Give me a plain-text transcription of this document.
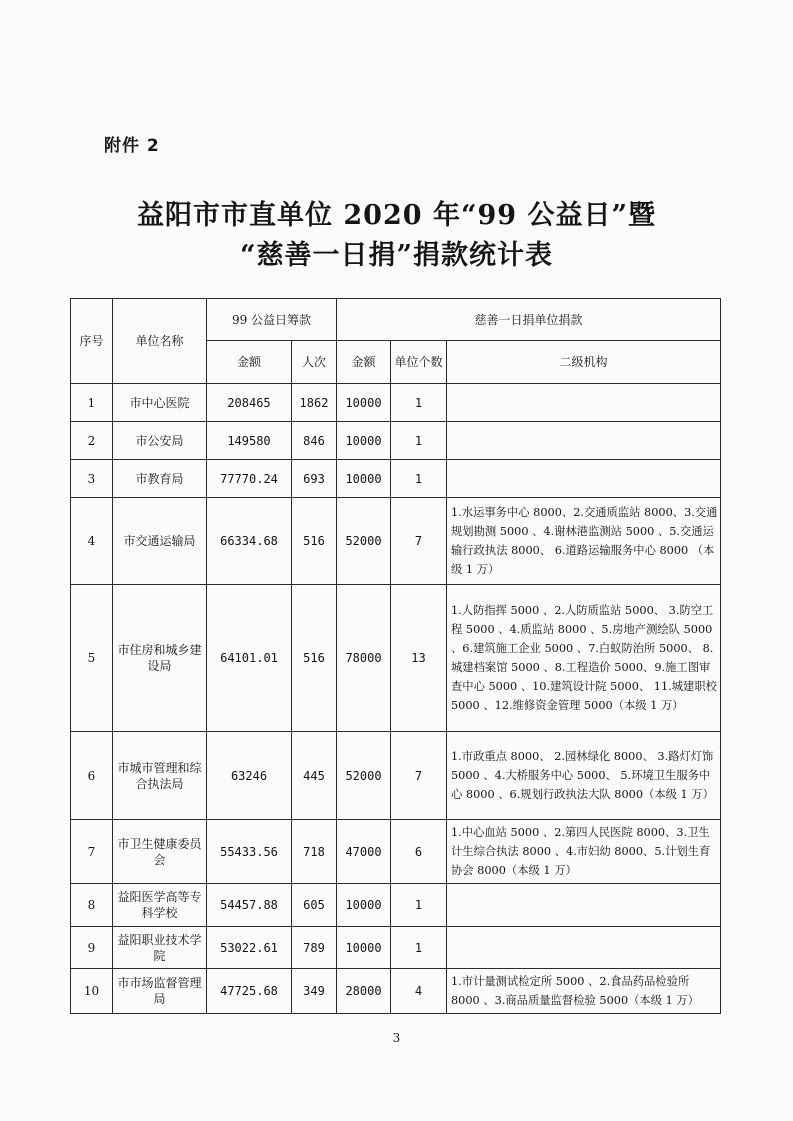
附件 2
益阳市市直单位 2020 年“99 公益日”暨
“慈善一日捐”捐款统计表
序号	单位名称	99 公益日筹款		慈善一日捐单位捐款		
		金额	人次	金额	单位个数	二级机构
1	市中心医院	208465	1862	10000	1	
2	市公安局	149580	846	10000	1	
3	市教育局	77770.24	693	10000	1	
4	市交通运输局	66334.68	516	52000	7	1.水运事务中心 8000、2.交通质监站 8000、3.交通规划勘测 5000 、4.谢林港监测站 5000 、5.交通运输行政执法 8000、 6.道路运输服务中心 8000 （本级 1 万）
5	市住房和城乡建设局	64101.01	516	78000	13	1.人防指挥 5000 、2.人防质监站 5000、 3.防空工程 5000 、4.质监站 8000 、5.房地产测绘队 5000 、6.建筑施工企业 5000 、7.白蚁防治所 5000、 8.城建档案馆 5000 、8.工程造价 5000、9.施工图审查中心 5000 、10.建筑设计院 5000、 11.城建职校 5000 、12.维修资金管理 5000（本级 1 万）
6	市城市管理和综合执法局	63246	445	52000	7	1.市政重点 8000、 2.园林绿化 8000、 3.路灯灯饰 5000 、4.大桥服务中心 5000、 5.环境卫生服务中心 8000 、6.规划行政执法大队 8000（本级 1 万）
7	市卫生健康委员会	55433.56	718	47000	6	1.中心血站 5000 、2.第四人民医院 8000、3.卫生计生综合执法 8000 、4.市妇幼 8000、5.计划生育协会 8000（本级 1 万）
8	益阳医学高等专科学校	54457.88	605	10000	1	
9	益阳职业技术学院	53022.61	789	10000	1	
10	市市场监督管理局	47725.68	349	28000	4	1.市计量测试检定所 5000 、2.食品药品检验所 8000 、3.商品质量监督检验 5000（本级 1 万）
3
